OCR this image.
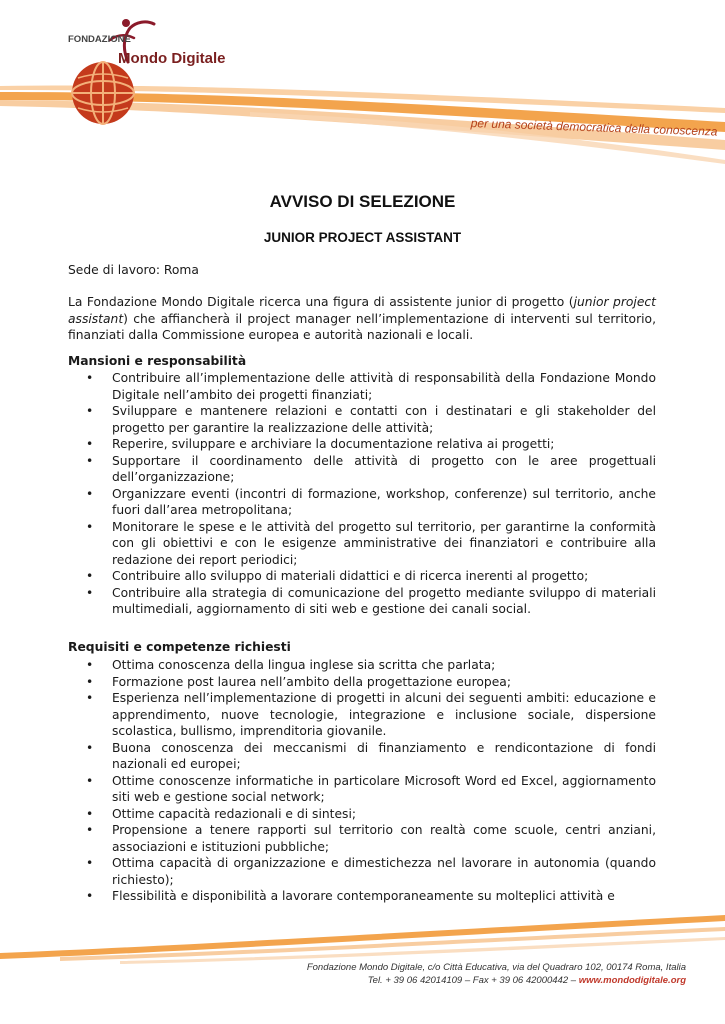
FONDAZIONE
Mondo Digitale
per una società democratica della conoscenza
AVVISO DI SELEZIONE
JUNIOR PROJECT ASSISTANT
Sede di lavoro: Roma
La Fondazione Mondo Digitale ricerca una figura di assistente junior di progetto (junior project assistant) che affiancherà il project manager nell’implementazione di interventi sul territorio, finanziati dalla Commissione europea e autorità nazionali e locali.
Mansioni e responsabilità
• Contribuire all’implementazione delle attività di responsabilità della Fondazione Mondo Digitale nell’ambito dei progetti finanziati;
• Sviluppare e mantenere relazioni e contatti con i destinatari e gli stakeholder del progetto per garantire la realizzazione delle attività;
• Reperire, sviluppare e archiviare la documentazione relativa ai progetti;
• Supportare il coordinamento delle attività di progetto con le aree progettuali dell’organizzazione;
• Organizzare eventi (incontri di formazione, workshop, conferenze) sul territorio, anche fuori dall’area metropolitana;
• Monitorare le spese e le attività del progetto sul territorio, per garantirne la conformità con gli obiettivi e con le esigenze amministrative dei finanziatori e contribuire alla redazione dei report periodici;
• Contribuire allo sviluppo di materiali didattici e di ricerca inerenti al progetto;
• Contribuire alla strategia di comunicazione del progetto mediante sviluppo di materiali multimediali, aggiornamento di siti web e gestione dei canali social.
Requisiti e competenze richiesti
• Ottima conoscenza della lingua inglese sia scritta che parlata;
• Formazione post laurea nell’ambito della progettazione europea;
• Esperienza nell’implementazione di progetti in alcuni dei seguenti ambiti: educazione e apprendimento, nuove tecnologie, integrazione e inclusione sociale, dispersione scolastica, bullismo, imprenditoria giovanile.
• Buona conoscenza dei meccanismi di finanziamento e rendicontazione di fondi nazionali ed europei;
• Ottime conoscenze informatiche in particolare Microsoft Word ed Excel, aggiornamento siti web e gestione social network;
• Ottime capacità redazionali e di sintesi;
• Propensione a tenere rapporti sul territorio con realtà come scuole, centri anziani, associazioni e istituzioni pubbliche;
• Ottima capacità di organizzazione e dimestichezza nel lavorare in autonomia (quando richiesto);
• Flessibilità e disponibilità a lavorare contemporaneamente su molteplici attività e
Fondazione Mondo Digitale, c/o Città Educativa, via del Quadraro 102, 00174 Roma, Italia
Tel. + 39 06 42014109 – Fax + 39 06 42000442 – www.mondodigitale.org
